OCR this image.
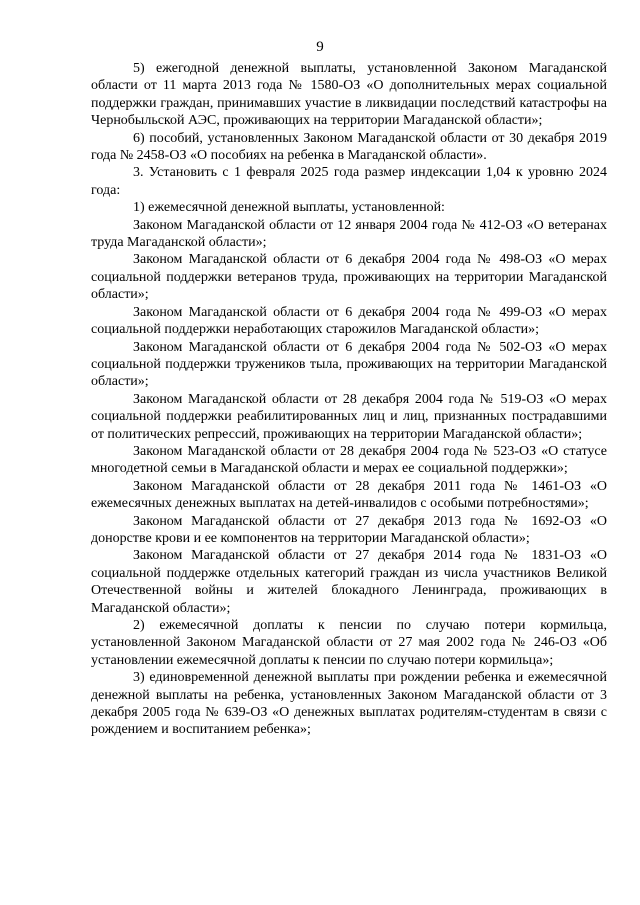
9

5) ежегодной денежной выплаты, установленной Законом Магаданской области от 11 марта 2013 года № 1580-ОЗ «О дополнительных мерах социальной поддержки граждан, принимавших участие в ликвидации последствий катастрофы на Чернобыльской АЭС, проживающих на территории Магаданской области»;

6) пособий, установленных Законом Магаданской области от 30 декабря 2019 года № 2458-ОЗ «О пособиях на ребенка в Магаданской области».

3. Установить с 1 февраля 2025 года размер индексации 1,04 к уровню 2024 года:

1) ежемесячной денежной выплаты, установленной:

Законом Магаданской области от 12 января 2004 года № 412-ОЗ «О ветеранах труда Магаданской области»;

Законом Магаданской области от 6 декабря 2004 года № 498-ОЗ «О мерах социальной поддержки ветеранов труда, проживающих на территории Магаданской области»;

Законом Магаданской области от 6 декабря 2004 года № 499-ОЗ «О мерах социальной поддержки неработающих старожилов Магаданской области»;

Законом Магаданской области от 6 декабря 2004 года № 502-ОЗ «О мерах социальной поддержки тружеников тыла, проживающих на территории Магаданской области»;

Законом Магаданской области от 28 декабря 2004 года № 519-ОЗ «О мерах социальной поддержки реабилитированных лиц и лиц, признанных пострадавшими от политических репрессий, проживающих на территории Магаданской области»;

Законом Магаданской области от 28 декабря 2004 года № 523-ОЗ «О статусе многодетной семьи в Магаданской области и мерах ее социальной поддержки»;

Законом Магаданской области от 28 декабря 2011 года № 1461-ОЗ «О ежемесячных денежных выплатах на детей-инвалидов с особыми потребностями»;

Законом Магаданской области от 27 декабря 2013 года № 1692-ОЗ «О донорстве крови и ее компонентов на территории Магаданской области»;

Законом Магаданской области от 27 декабря 2014 года № 1831-ОЗ «О социальной поддержке отдельных категорий граждан из числа участников Великой Отечественной войны и жителей блокадного Ленинграда, проживающих в Магаданской области»;

2) ежемесячной доплаты к пенсии по случаю потери кормильца, установленной Законом Магаданской области от 27 мая 2002 года № 246-ОЗ «Об установлении ежемесячной доплаты к пенсии по случаю потери кормильца»;

3) единовременной денежной выплаты при рождении ребенка и ежемесячной денежной выплаты на ребенка, установленных Законом Магаданской области от 3 декабря 2005 года № 639-ОЗ «О денежных выплатах родителям-студентам в связи с рождением и воспитанием ребенка»;
